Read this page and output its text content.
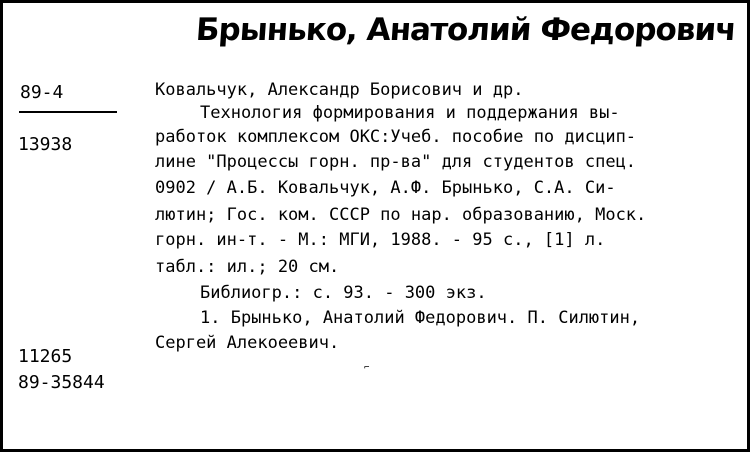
Брынько, Анатолий Федорович
89-4
13938
11265
89-35844
Ковальчук, Александр Борисович и др.
Технология формирования и поддержания вы-
работок комплексом ОКС:Учеб. пособие по дисцип-
лине "Процессы горн. пр-ва" для студентов спец.
0902 / А.Б. Ковальчук, А.Ф. Брынько, С.А. Си-
лютин; Гос. ком. СССР по нар. образованию, Моск.
горн. ин-т. - М.: МГИ, 1988. - 95 с., [1] л.
табл.: ил.; 20 см.
Библиогр.: с. 93. - 300 экз.
1. Брынько, Анатолий Федорович. П. Силютин,
Сергей Алекоеевич.
⌐
